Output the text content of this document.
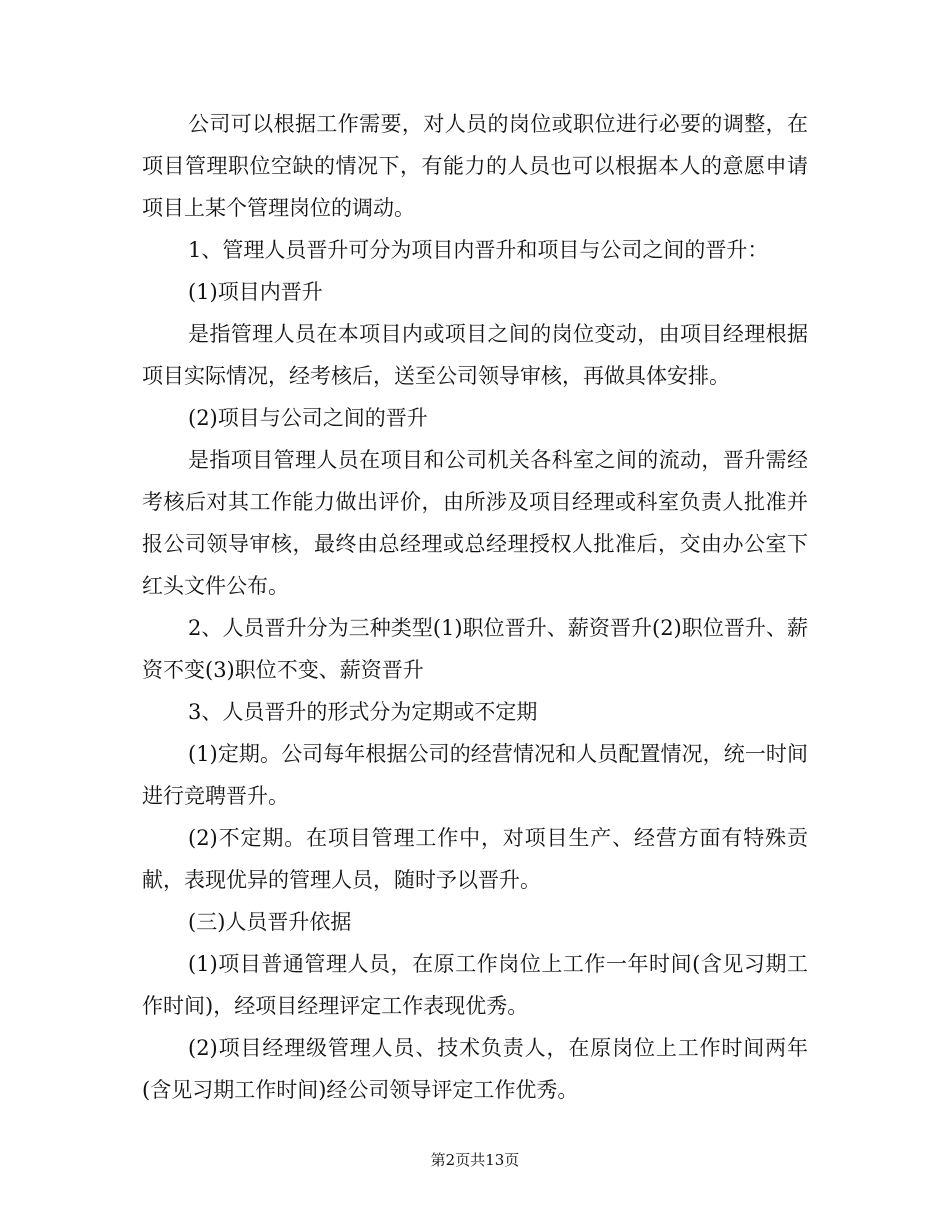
公司可以根据工作需要，对人员的岗位或职位进行必要的调整，在项目管理职位空缺的情况下，有能力的人员也可以根据本人的意愿申请项目上某个管理岗位的调动。

1、管理人员晋升可分为项目内晋升和项目与公司之间的晋升：

(1)项目内晋升

是指管理人员在本项目内或项目之间的岗位变动，由项目经理根据项目实际情况，经考核后，送至公司领导审核，再做具体安排。

(2)项目与公司之间的晋升

是指项目管理人员在项目和公司机关各科室之间的流动，晋升需经考核后对其工作能力做出评价，由所涉及项目经理或科室负责人批准并报公司领导审核，最终由总经理或总经理授权人批准后，交由办公室下红头文件公布。

2、人员晋升分为三种类型(1)职位晋升、薪资晋升(2)职位晋升、薪资不变(3)职位不变、薪资晋升

3、人员晋升的形式分为定期或不定期

(1)定期。公司每年根据公司的经营情况和人员配置情况，统一时间进行竞聘晋升。

(2)不定期。在项目管理工作中，对项目生产、经营方面有特殊贡献，表现优异的管理人员，随时予以晋升。

(三)人员晋升依据

(1)项目普通管理人员，在原工作岗位上工作一年时间(含见习期工作时间)，经项目经理评定工作表现优秀。

(2)项目经理级管理人员、技术负责人，在原岗位上工作时间两年(含见习期工作时间)经公司领导评定工作优秀。

第2页共13页
